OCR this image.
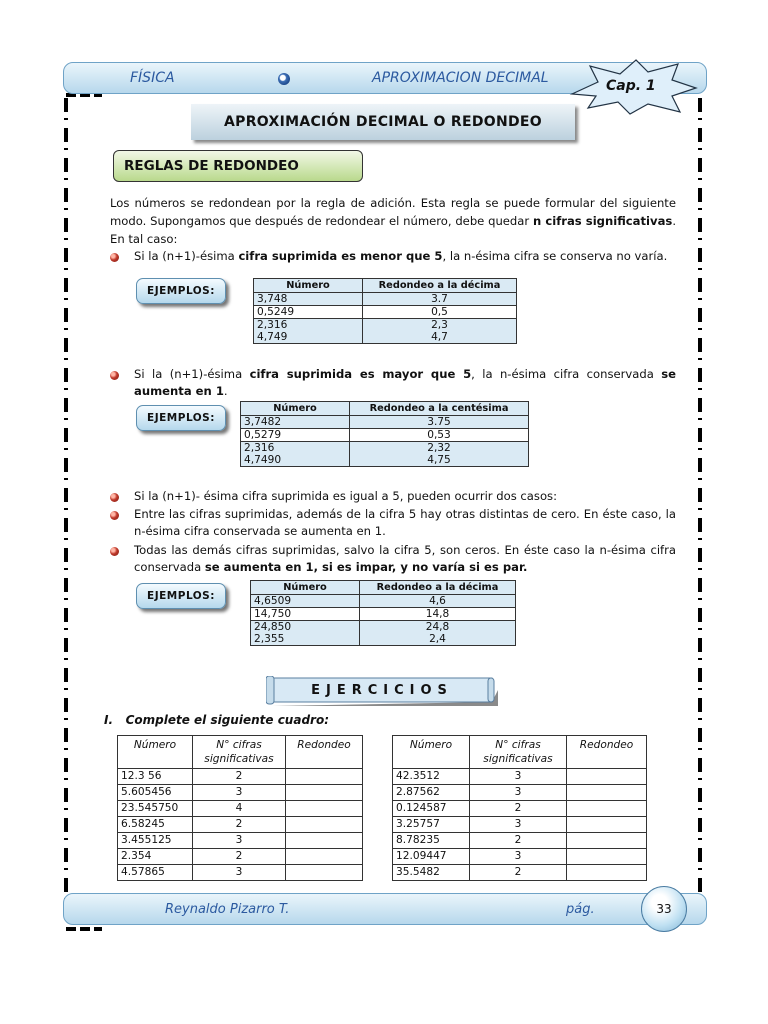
FÍSICA	APROXIMACION DECIMAL	Cap. 1
APROXIMACIÓN DECIMAL O REDONDEO
REGLAS DE REDONDEO
Los números se redondean por la regla de adición. Esta regla se puede formular del siguiente modo. Supongamos que después de redondear el número, debe quedar n cifras significativas. En tal caso:
Si la (n+1)-ésima cifra suprimida es menor que 5, la n-ésima cifra se conserva no varía.
EJEMPLOS:	Número	Redondeo a la décima
3,748	3.7
0,5249	0,5
2,316	2,3
4,749	4,7
Si la (n+1)-ésima cifra suprimida es mayor que 5, la n-ésima cifra conservada se aumenta en 1.
EJEMPLOS:
Número	Redondeo a la centésima
3,7482	3.75
0,5279	0,53
2,316	2,32
4,7490	4,75
Si la (n+1)- ésima cifra suprimida es igual a 5, pueden ocurrir dos casos:
Entre las cifras suprimidas, además de la cifra 5 hay otras distintas de cero. En éste caso, la n-ésima cifra conservada se aumenta en 1.
Todas las demás cifras suprimidas, salvo la cifra 5, son ceros. En éste caso la n-ésima cifra conservada se aumenta en 1, si es impar, y no varía si es par.
EJEMPLOS:
Número	Redondeo a la décima
4,6509	4,6
14,750	14,8
24,850	24,8
2,355	2,4
EJERCICIOS
I. Complete el siguiente cuadro:
Número	N° cifras significativas	Redondeo
12.3 56	2	
5.605456	3	
23.545750	4	
6.58245	2	
3.455125	3	
2.354	2	
4.57865	3	
Número	N° cifras significativas	Redondeo
42.3512	3	
2.87562	3	
0.124587	2	
3.25757	3	
8.78235	2	
12.09447	3	
35.5482	2	
Reynaldo Pizarro T.	pág.	33
